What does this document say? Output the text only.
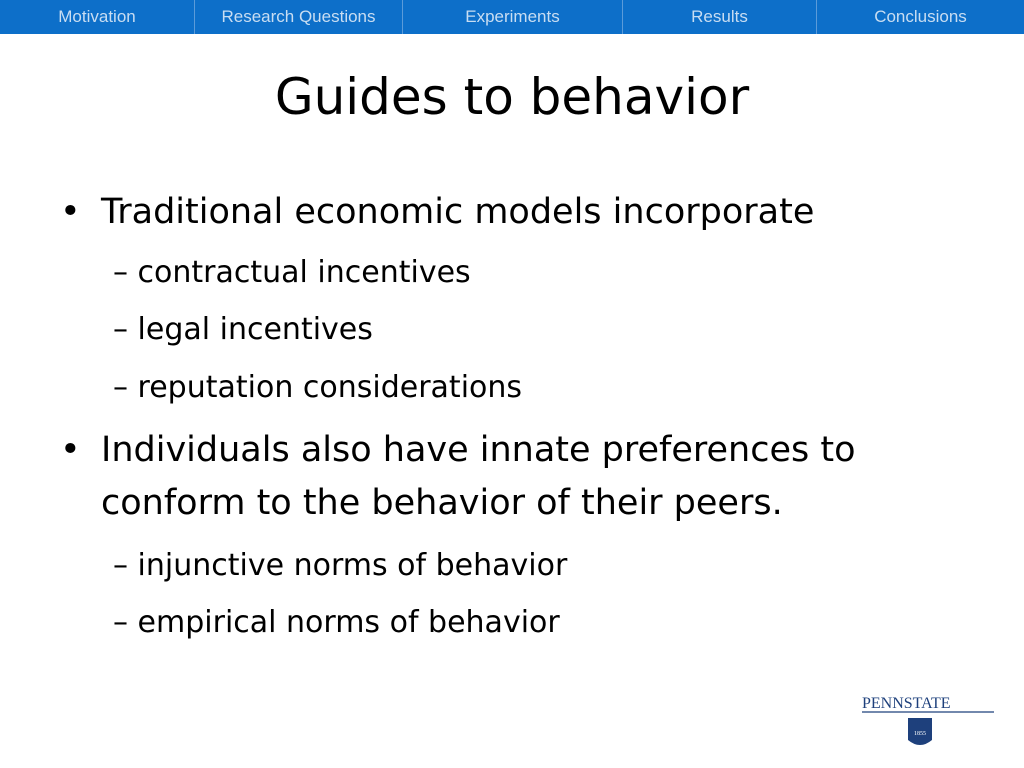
Motivation	Research Questions	Experiments	Results	Conclusions
Guides to behavior
• Traditional economic models incorporate
– contractual incentives
– legal incentives
– reputation considerations
• Individuals also have innate preferences to conform to the behavior of their peers.
– injunctive norms of behavior
– empirical norms of behavior
PENNSTATE
1855
